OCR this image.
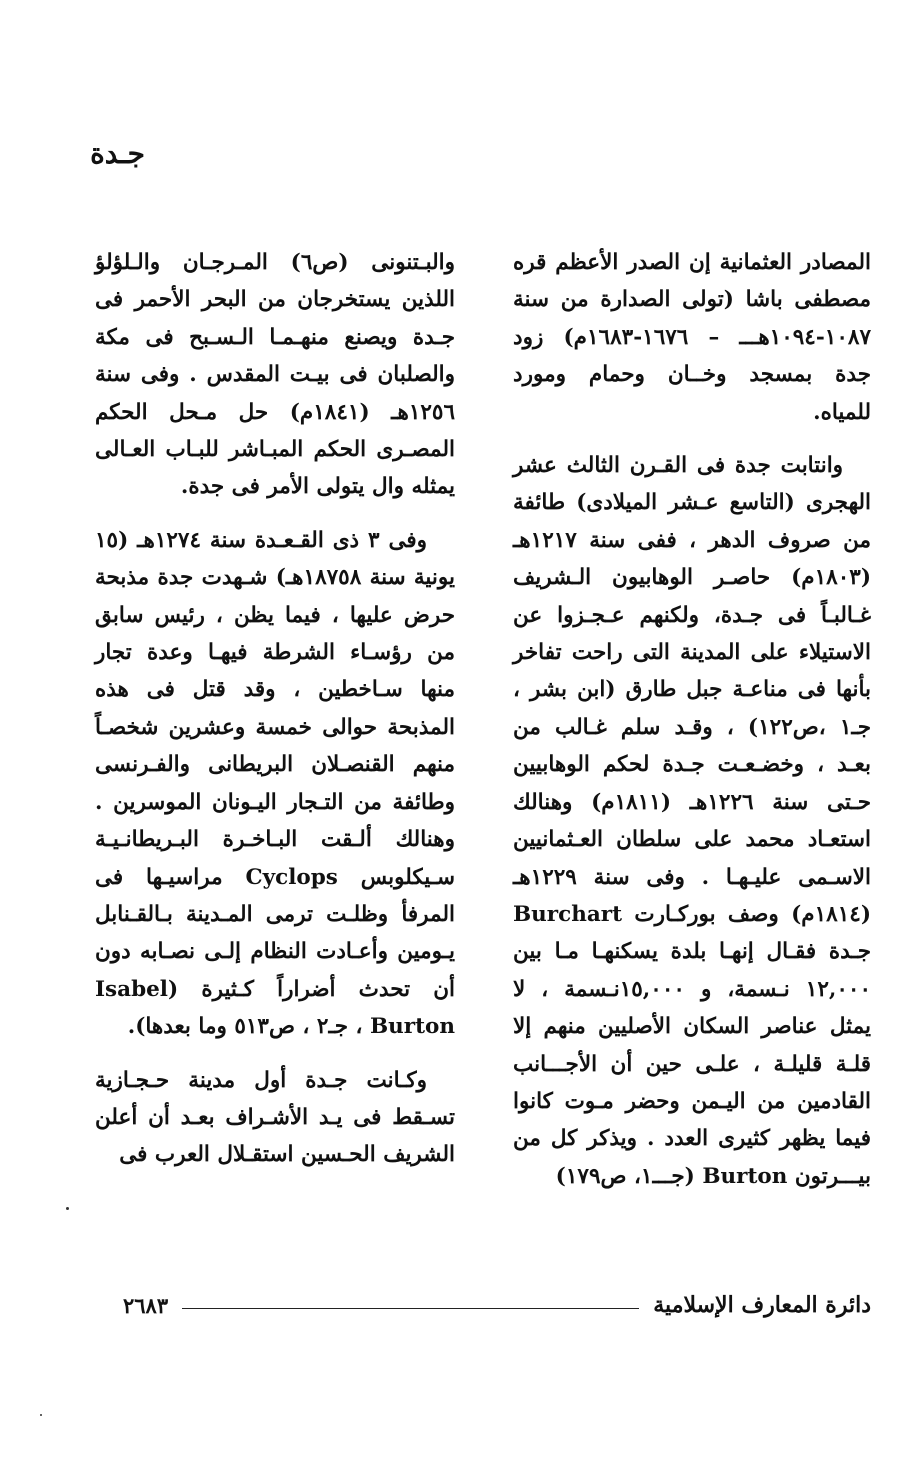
جـدة

المصادر العثمانية إن الصدر الأعظم قره مصطفى باشا (تولى الصدارة من سنة ١٠٨٧-١٠٩٤هـــ – ١٦٧٦-١٦٨٣م) زود جدة بمسجد وخــان وحمام ومورد للمياه.

وانتابت جدة فى القـرن الثالث عشر الهجرى (التاسع عـشر الميلادى) طائفة من صروف الدهر ، ففى سنة ١٢١٧هـ (١٨٠٣م) حاصـر الوهابيون الـشريف غـالبـاً فى جـدة، ولكنهم عـجـزوا عن الاستيلاء على المدينة التى راحت تفاخر بأنها فى مناعـة جبل طارق (ابن بشر ، جـ١ ،ص١٢٢) ، وقـد سلم غـالب من بعـد ، وخضـعـت جـدة لحكم الوهابيين حـتى سنة ١٢٢٦هـ (١٨١١م) وهنالك استعـاد محمد على سلطان العـثمانيين الاسـمى عليـهـا . وفى سنة ١٢٢٩هـ (١٨١٤م) وصف بوركـارت Burchart جـدة فقـال إنهـا بلدة يسكنهـا مـا بين ١٢,٠٠٠ نـسمة، و ١٥,٠٠٠نـسمة ، لا يمثل عناصر السكان الأصليين منهم إلا قلـة قليلـة ، علـى حين أن الأجـــانب القادمين من اليـمن وحضر مـوت كانوا فيما يظهر كثيرى العدد . ويذكر كل من بيـــرتون Burton (جـــ١، ص١٧٩)

والبـتنونى (ص٦) المـرجـان والـلؤلؤ اللذين يستخرجان من البحر الأحمر فى جـدة ويصنع منهـمـا الـسـبح فى مكة والصلبان فى بيـت المقدس . وفى سنة ١٢٥٦هـ (١٨٤١م) حل مـحل الحكم المصـرى الحكم المبـاشر للبـاب العـالى يمثله وال يتولى الأمر فى جدة.

وفى ٣ ذى القـعـدة سنة ١٢٧٤هـ (١٥ يونية سنة ١٨٧٥٨هـ) شـهدت جدة مذبحة حرض عليها ، فيما يظن ، رئيس سابق من رؤسـاء الشرطة فيهـا وعدة تجار منها سـاخطين ، وقد قتل فى هذه المذبحة حوالى خمسة وعشرين شخصـاً منهم القنصـلان البريطانى والفـرنسى وطائفة من التـجار اليـونان الموسرين . وهنالك ألـقت البـاخـرة البـريطانـيـة سـيكلوبس Cyclops مراسيـها فى المرفأ وظلـت ترمى المـدينة بـالقـنابل يـومين وأعـادت النظام إلـى نصـابه دون أن تحدث أضراراً كـثيرة (Isabel Burton ، جـ٢ ، ص٥١٣ وما بعدها).

وكـانت جـدة أول مدينة حـجـازية تسـقط فى يـد الأشـراف بعـد أن أعلن الشريف الحـسين استقـلال العرب فى

دائرة المعارف الإسلامية
٢٦٨٣
